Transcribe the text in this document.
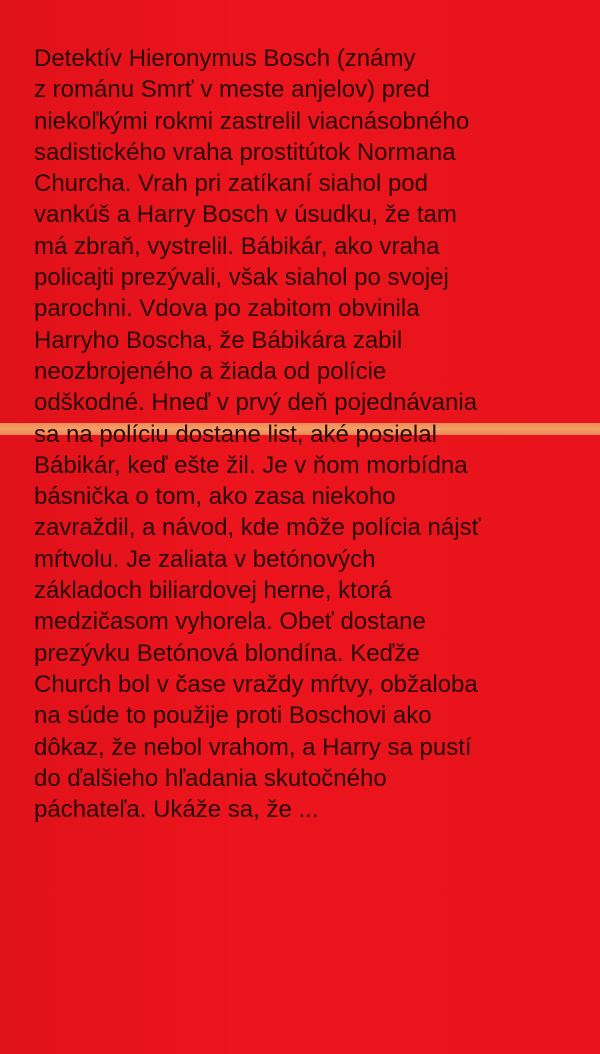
Detektív Hieronymus Bosch (známy
z románu Smrť v meste anjelov) pred
niekoľkými rokmi zastrelil viacnásobného
sadistického vraha prostitútok Normana
Churcha. Vrah pri zatíkaní siahol pod
vankúš a Harry Bosch v úsudku, že tam
má zbraň, vystrelil. Bábikár, ako vraha
policajti prezývali, však siahol po svojej
parochni. Vdova po zabitom obvinila
Harryho Boscha, že Bábikára zabil
neozbrojeného a žiada od polície
odškodné. Hneď v prvý deň pojednávania
sa na políciu dostane list, aké posielal
Bábikár, keď ešte žil. Je v ňom morbídna
básnička o tom, ako zasa niekoho
zavraždil, a návod, kde môže polícia nájsť
mŕtvolu. Je zaliata v betónových
základoch biliardovej herne, ktorá
medzičasom vyhorela. Obeť dostane
prezývku Betónová blondína. Keďže
Church bol v čase vraždy mŕtvy, obžaloba
na súde to použije proti Boschovi ako
dôkaz, že nebol vrahom, a Harry sa pustí
do ďalšieho hľadania skutočného
páchateľa. Ukáže sa, že ...
